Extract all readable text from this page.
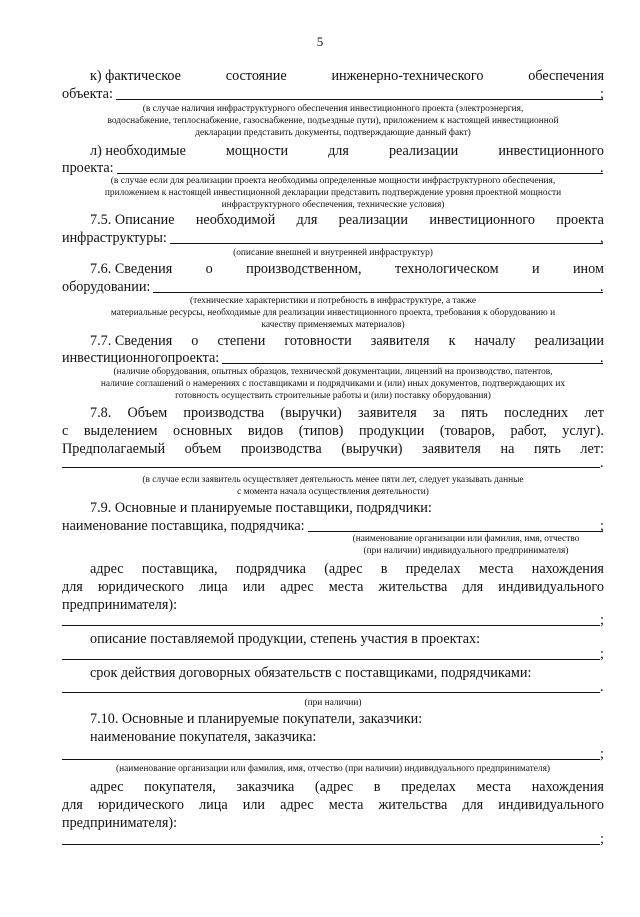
5
к) фактическое	состояние	инженерно-технического	обеспечения
объекта:	;
(в случае наличия инфраструктурного обеспечения инвестиционного проекта (электроэнергия,
водоснабжение, теплоснабжение, газоснабжение, подъездные пути), приложением к настоящей инвестиционной
декларации представить документы, подтверждающие данный факт)
л) необходимые	мощности	для	реализации	инвестиционного
проекта:	.
(в случае если для реализации проекта необходимы определенные мощности инфраструктурного обеспечения,
приложением к настоящей инвестиционной декларации представить подтверждение уровня проектной мощности
инфраструктурного обеспечения, технические условия)
7.5. Описание необходимой для реализации инвестиционного проекта
инфраструктуры:	,
(описание внешней и внутренней инфраструктур)
7.6. Сведения о производственном, технологическом и ином
оборудовании:	.
(технические характеристики и потребность в инфраструктуре, а также
материальные ресурсы, необходимые для реализации инвестиционного проекта, требования к оборудованию и
качеству применяемых материалов)
7.7. Сведения о степени готовности заявителя к началу реализации
инвестиционногопроекта:	.
(наличие оборудования, опытных образцов, технической документации, лицензий на производство, патентов,
наличие соглашений о намерениях с поставщиками и подрядчиками и (или) иных документов, подтверждающих их
готовность осуществить строительные работы и (или) поставку оборудования)
7.8. Объем производства (выручки) заявителя за пять последних лет
с выделением основных видов (типов) продукции (товаров, работ, услуг).
Предполагаемый объем производства (выручки) заявителя на пять лет:
.
(в случае если заявитель осуществляет деятельность менее пяти лет, следует указывать данные
с момента начала осуществления деятельности)
7.9. Основные и планируемые поставщики, подрядчики:
наименование поставщика, подрядчика:	;
(наименование организации или фамилия, имя, отчество
(при наличии) индивидуального предпринимателя)
адрес поставщика, подрядчика (адрес в пределах места нахождения
для юридического лица или адрес места жительства для индивидуального
предпринимателя):
;
описание поставляемой продукции, степень участия в проектах:
;
срок действия договорных обязательств с поставщиками, подрядчиками:
.
(при наличии)
7.10. Основные и планируемые покупатели, заказчики:
наименование покупателя, заказчика:
;
(наименование организации или фамилия, имя, отчество (при наличии) индивидуального предпринимателя)
адрес покупателя, заказчика (адрес в пределах места нахождения
для юридического лица или адрес места жительства для индивидуального
предпринимателя):
;
